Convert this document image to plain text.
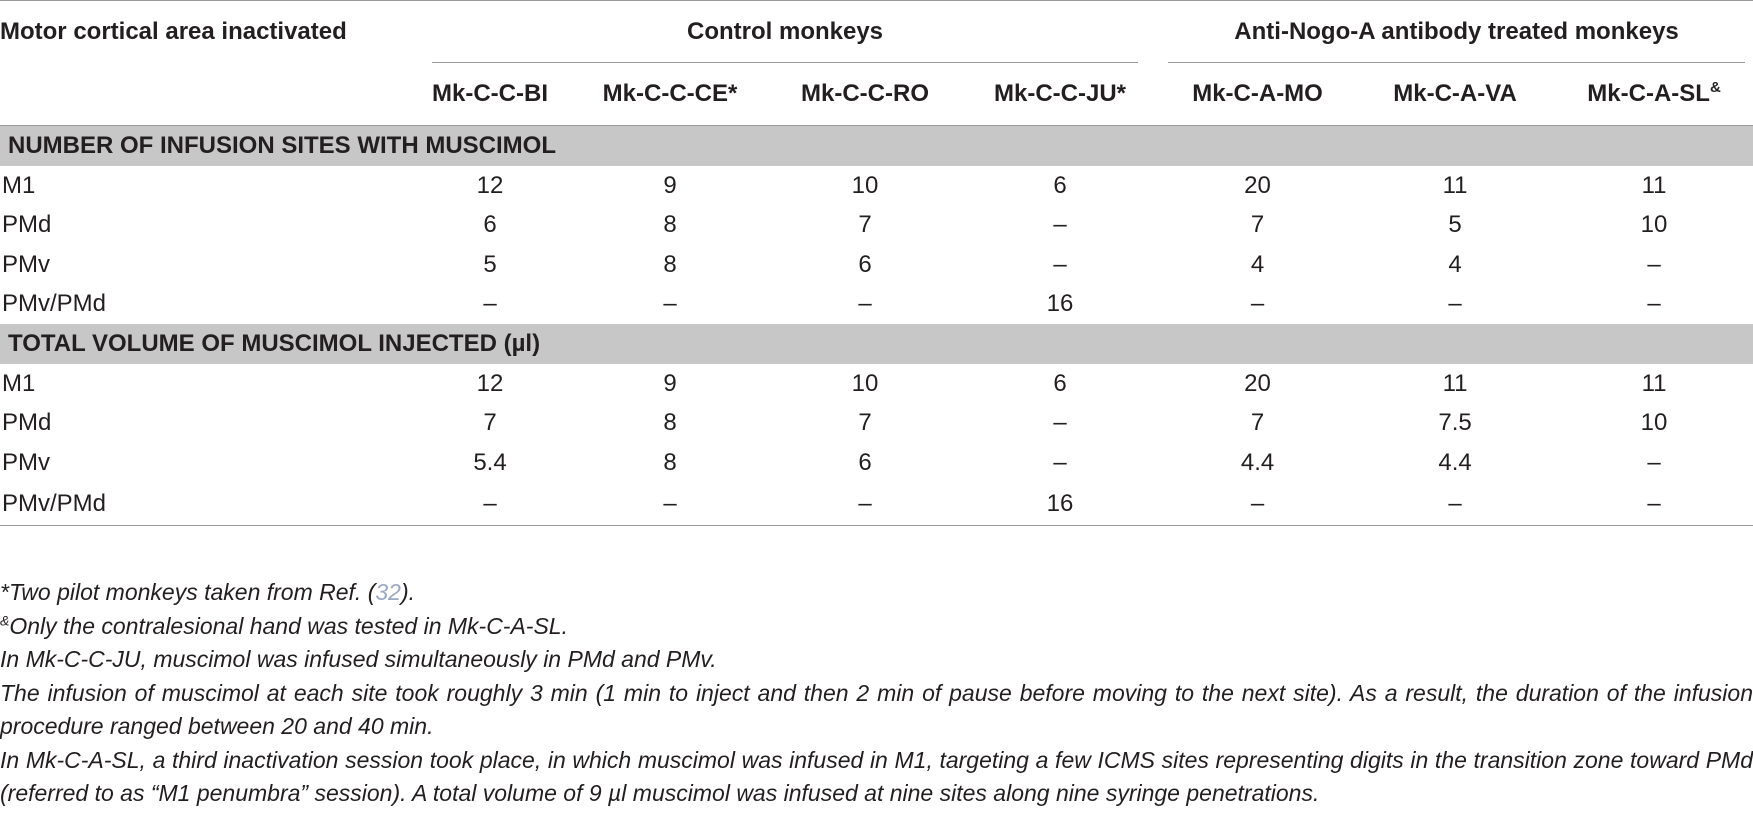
Motor cortical area inactivated	Control monkeys				Anti-Nogo-A antibody treated monkeys		

	Mk-C-C-BI	Mk-C-C-CE*	Mk-C-C-RO	Mk-C-C-JU*	Mk-C-A-MO	Mk-C-A-VA	Mk-C-A-SL&
NUMBER OF INFUSION SITES WITH MUSCIMOL							
M1	12	9	10	6	20	11	11
PMd	6	8	7	–	7	5	10
PMv	5	8	6	–	4	4	–
PMv/PMd	–	–	–	16	–	–	–
TOTAL VOLUME OF MUSCIMOL INJECTED (µl)							
M1	12	9	10	6	20	11	11
PMd	7	8	7	–	7	7.5	10
PMv	5.4	8	6	–	4.4	4.4	–
PMv/PMd	–	–	–	16	–	–	–

*Two pilot monkeys taken from Ref. (32).

&Only the contralesional hand was tested in Mk-C-A-SL.

In Mk-C-C-JU, muscimol was infused simultaneously in PMd and PMv.

The infusion of muscimol at each site took roughly 3 min (1 min to inject and then 2 min of pause before moving to the next site). As a result, the duration of the infusion procedure ranged between 20 and 40 min.

In Mk-C-A-SL, a third inactivation session took place, in which muscimol was infused in M1, targeting a few ICMS sites representing digits in the transition zone toward PMd (referred to as “M1 penumbra” session). A total volume of 9 µl muscimol was infused at nine sites along nine syringe penetrations.
